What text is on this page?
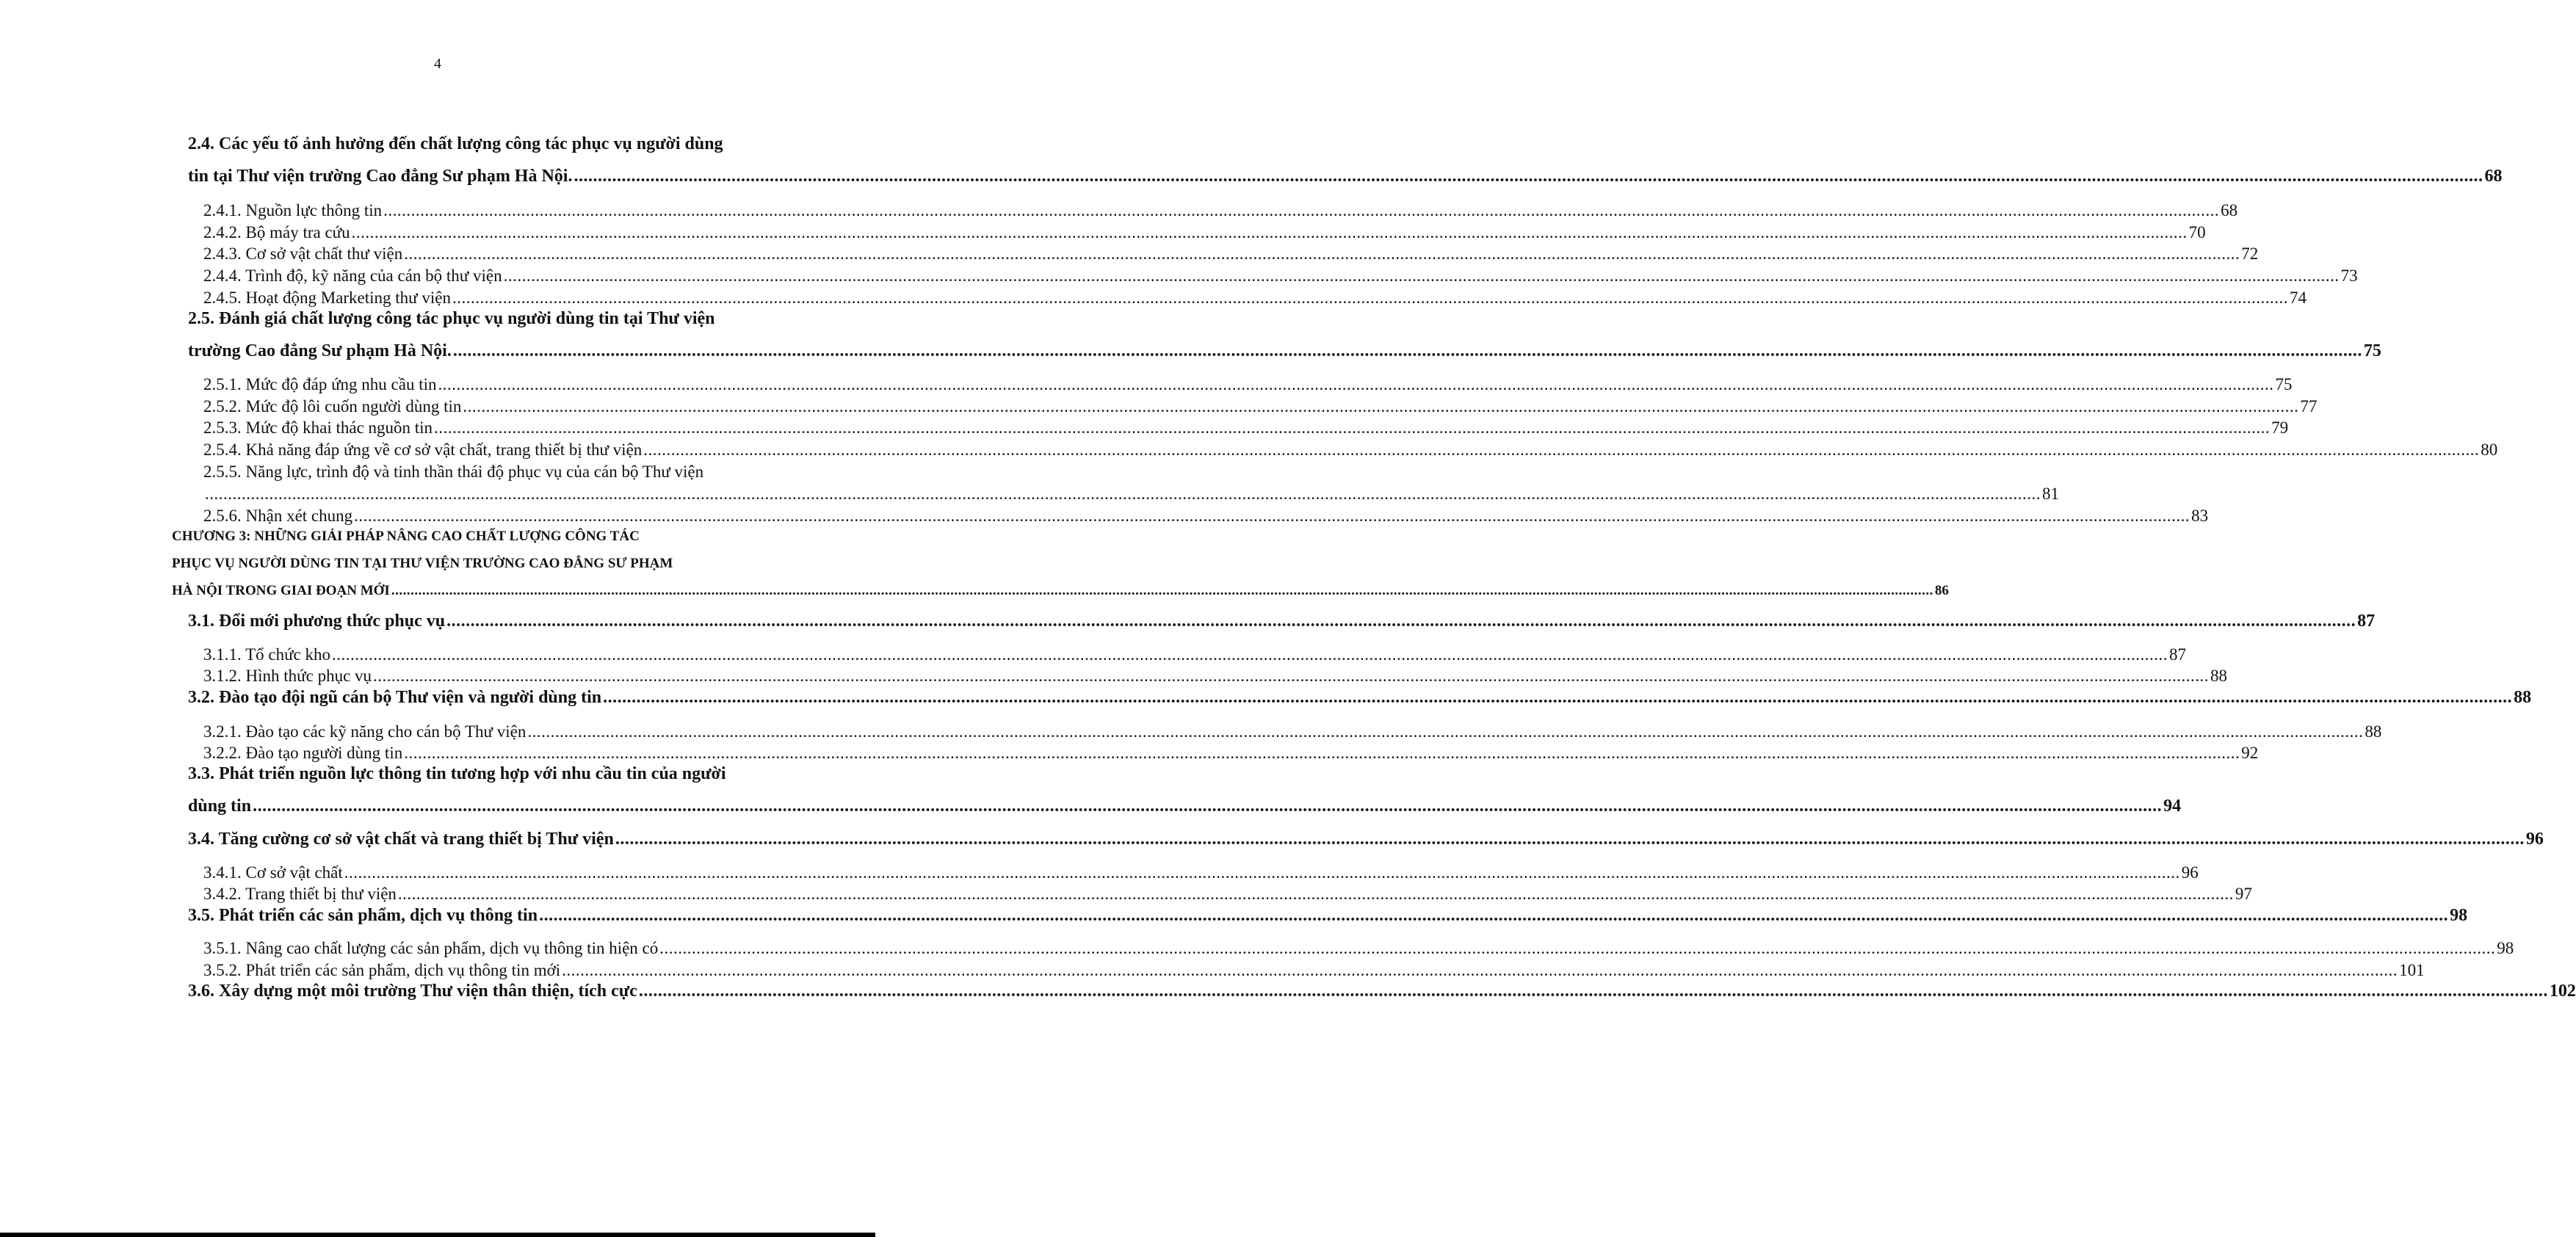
4
2.4. Các yếu tố ảnh hưởng đến chất lượng công tác phục vụ người dùng
tin tại Thư viện trường Cao đẳng Sư phạm Hà Nội. ................................................................................................................................................................................................................................................................................................................................................................................................................ 68
2.4.1. Nguồn lực thông tin ................................................................................................................................................................................................................................................................................................................................................................................................................ 68
2.4.2. Bộ máy tra cứu ................................................................................................................................................................................................................................................................................................................................................................................................................ 70
2.4.3. Cơ sở vật chất thư viện ................................................................................................................................................................................................................................................................................................................................................................................................................ 72
2.4.4. Trình độ, kỹ năng của cán bộ thư viện ................................................................................................................................................................................................................................................................................................................................................................................................................ 73
2.4.5. Hoạt động Marketing thư viện ................................................................................................................................................................................................................................................................................................................................................................................................................ 74
2.5. Đánh giá chất lượng công tác phục vụ người dùng tin tại Thư viện
trường Cao đẳng Sư phạm Hà Nội. ................................................................................................................................................................................................................................................................................................................................................................................................................ 75
2.5.1. Mức độ đáp ứng nhu cầu tin ................................................................................................................................................................................................................................................................................................................................................................................................................ 75
2.5.2. Mức độ lôi cuốn người dùng tin ................................................................................................................................................................................................................................................................................................................................................................................................................ 77
2.5.3. Mức độ khai thác nguồn tin ................................................................................................................................................................................................................................................................................................................................................................................................................ 79
2.5.4. Khả năng đáp ứng về cơ sở vật chất, trang thiết bị thư viện ................................................................................................................................................................................................................................................................................................................................................................................................................ 80
2.5.5. Năng lực, trình độ và tinh thần thái độ phục vụ của cán bộ Thư viện
................................................................................................................................................................................................................................................................................................................................................................................................................ 81
2.5.6. Nhận xét chung ................................................................................................................................................................................................................................................................................................................................................................................................................ 83
CHƯƠNG 3: NHỮNG GIẢI PHÁP NÂNG CAO CHẤT LƯỢNG CÔNG TÁC
PHỤC VỤ NGƯỜI DÙNG TIN TẠI THƯ VIỆN TRƯỜNG CAO ĐẲNG SƯ PHẠM
HÀ NỘI TRONG GIAI ĐOẠN MỚI ................................................................................................................................................................................................................................................................................................................................................................................................................ 86
3.1. Đổi mới phương thức phục vụ ................................................................................................................................................................................................................................................................................................................................................................................................................ 87
3.1.1. Tổ chức kho ................................................................................................................................................................................................................................................................................................................................................................................................................ 87
3.1.2. Hình thức phục vụ ................................................................................................................................................................................................................................................................................................................................................................................................................ 88
3.2. Đào tạo đội ngũ cán bộ Thư viện và người dùng tin ................................................................................................................................................................................................................................................................................................................................................................................................................ 88
3.2.1. Đào tạo các kỹ năng cho cán bộ Thư viện ................................................................................................................................................................................................................................................................................................................................................................................................................ 88
3.2.2. Đào tạo người dùng tin ................................................................................................................................................................................................................................................................................................................................................................................................................ 92
3.3. Phát triển nguồn lực thông tin tương hợp với nhu cầu tin của người
dùng tin ................................................................................................................................................................................................................................................................................................................................................................................................................ 94
3.4. Tăng cường cơ sở vật chất và trang thiết bị Thư viện ................................................................................................................................................................................................................................................................................................................................................................................................................ 96
3.4.1. Cơ sở vật chất ................................................................................................................................................................................................................................................................................................................................................................................................................ 96
3.4.2. Trang thiết bị thư viện ................................................................................................................................................................................................................................................................................................................................................................................................................ 97
3.5. Phát triển các sản phẩm, dịch vụ thông tin ................................................................................................................................................................................................................................................................................................................................................................................................................ 98
3.5.1. Nâng cao chất lượng các sản phẩm, dịch vụ thông tin hiện có ................................................................................................................................................................................................................................................................................................................................................................................................................ 98
3.5.2. Phát triển các sản phẩm, dịch vụ thông tin mới ................................................................................................................................................................................................................................................................................................................................................................................................................ 101
3.6. Xây dựng một môi trường Thư viện thân thiện, tích cực ................................................................................................................................................................................................................................................................................................................................................................................................................ 102
